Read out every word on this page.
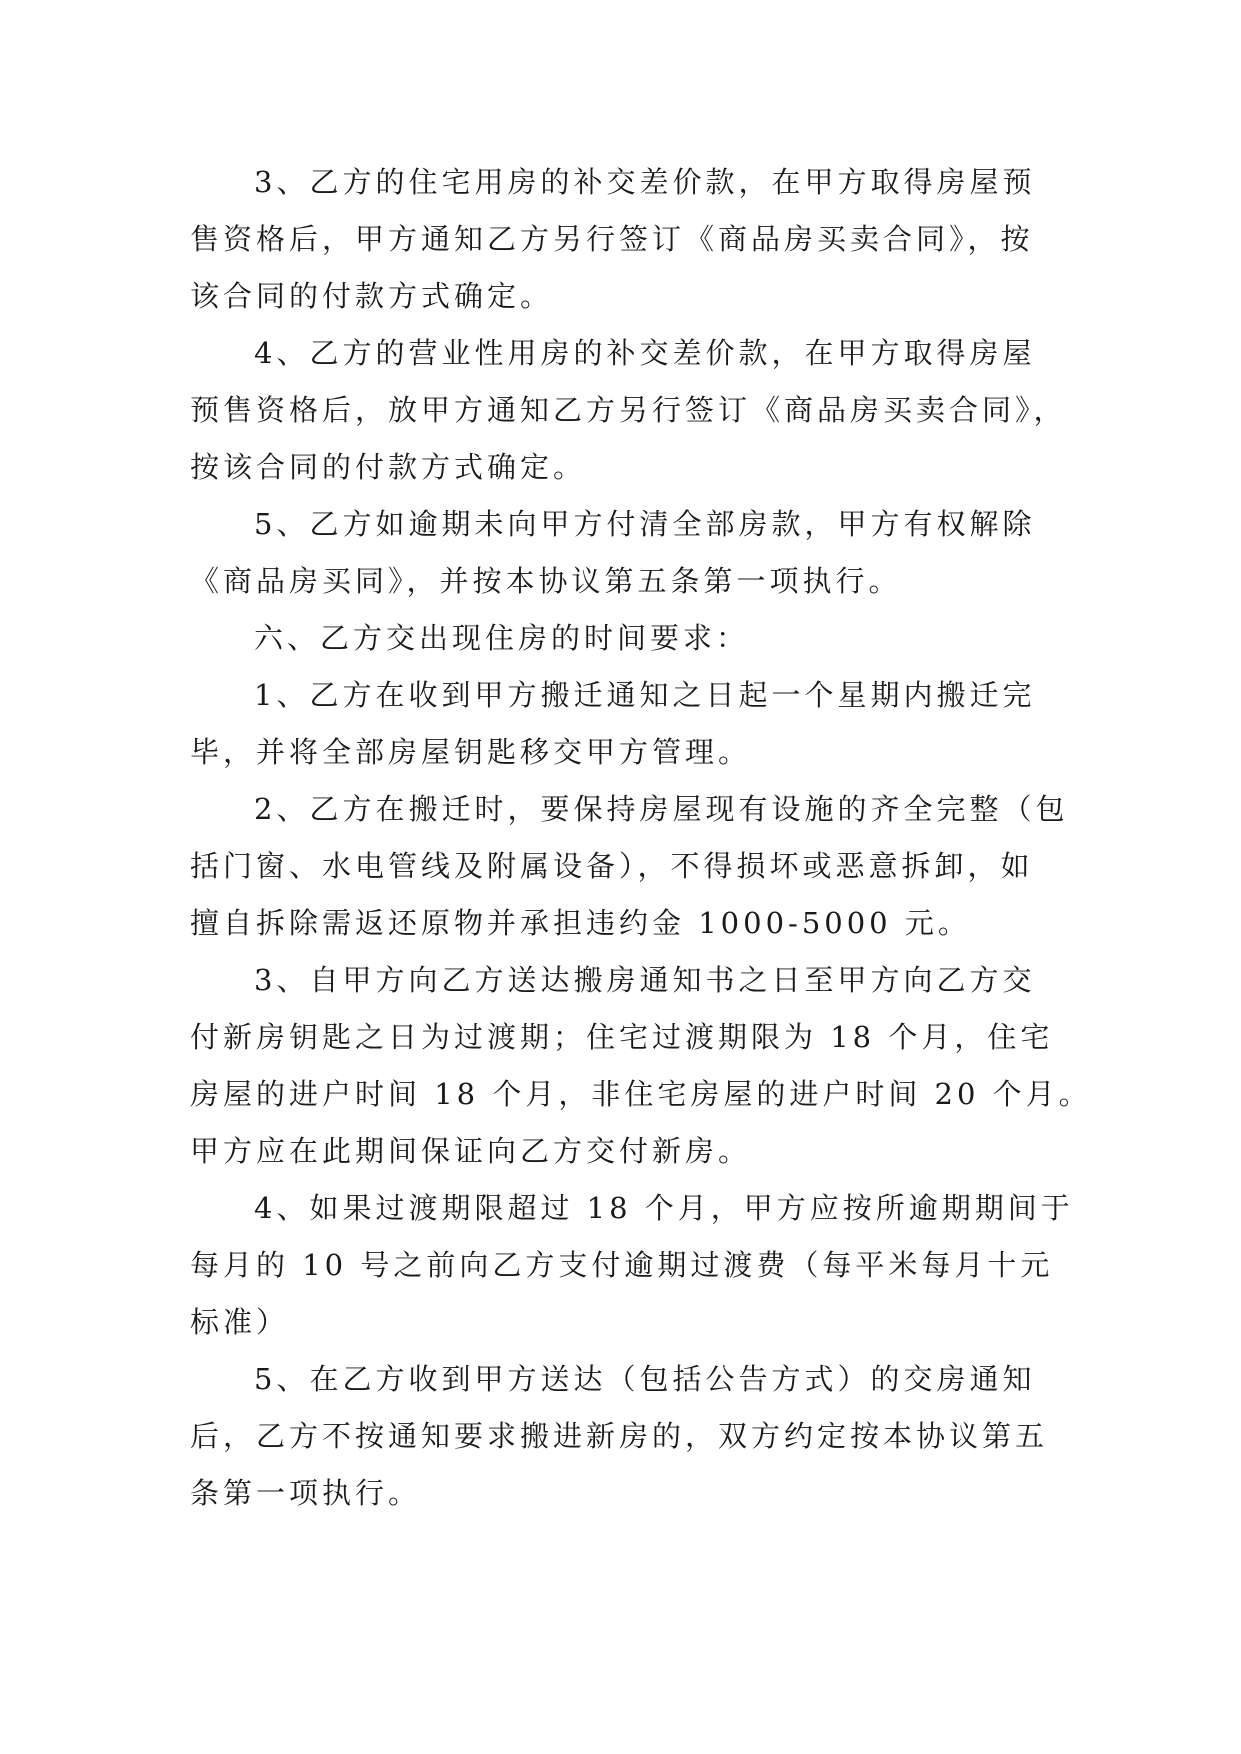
3、乙方的住宅用房的补交差价款，在甲方取得房屋预
售资格后，甲方通知乙方另行签订《商品房买卖合同》，按
该合同的付款方式确定。
4、乙方的营业性用房的补交差价款，在甲方取得房屋
预售资格后，放甲方通知乙方另行签订《商品房买卖合同》，
按该合同的付款方式确定。
5、乙方如逾期未向甲方付清全部房款，甲方有权解除
《商品房买同》，并按本协议第五条第一项执行。
六、乙方交出现住房的时间要求：
1、乙方在收到甲方搬迁通知之日起一个星期内搬迁完
毕，并将全部房屋钥匙移交甲方管理。
2、乙方在搬迁时，要保持房屋现有设施的齐全完整（包
括门窗、水电管线及附属设备），不得损坏或恶意拆卸，如
擅自拆除需返还原物并承担违约金 1000-5000 元。
3、自甲方向乙方送达搬房通知书之日至甲方向乙方交
付新房钥匙之日为过渡期；住宅过渡期限为 18 个月，住宅
房屋的进户时间 18 个月，非住宅房屋的进户时间 20 个月。
甲方应在此期间保证向乙方交付新房。
4、如果过渡期限超过 18 个月，甲方应按所逾期期间于
每月的 10 号之前向乙方支付逾期过渡费（每平米每月十元
标准）
5、在乙方收到甲方送达（包括公告方式）的交房通知
后，乙方不按通知要求搬进新房的，双方约定按本协议第五
条第一项执行。
